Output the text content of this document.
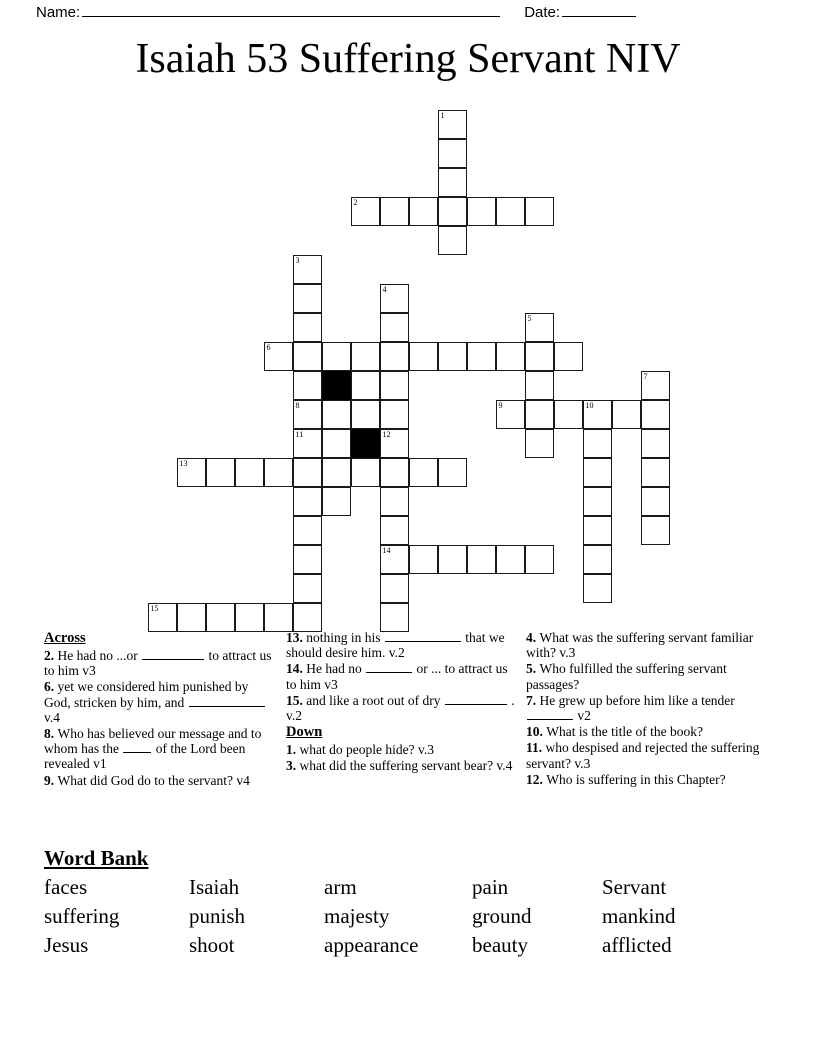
Name:	Date:
Isaiah 53 Suffering Servant NIV
1
2
3
4
5
6
7
8	9	10
11	12
13
14
15
Across
2. He had no ...or	to attract us to him v3
6. yet we considered him punished by God, stricken by him, and  v.4
8. Who has believed our message and to whom has the  of the Lord been revealed v1
9. What did God do to the servant? v4
13. nothing in his	that we should desire him. v.2
14. He had no	or ... to attract us to him v3
15. and like a root out of dry	. v.2
Down
1. what do people hide? v.3
3. what did the suffering servant bear? v.4
4. What was the suffering servant familiar with? v.3
5. Who fulfilled the suffering servant passages?
7. He grew up before him like a tender  v2
10. What is the title of the book?
11. who despised and rejected the suffering servant? v.3
12. Who is suffering in this Chapter?
Word Bank
faces	Isaiah	arm	pain	Servant
suffering	punish	majesty	ground	mankind
Jesus	shoot	appearance	beauty	afflicted
